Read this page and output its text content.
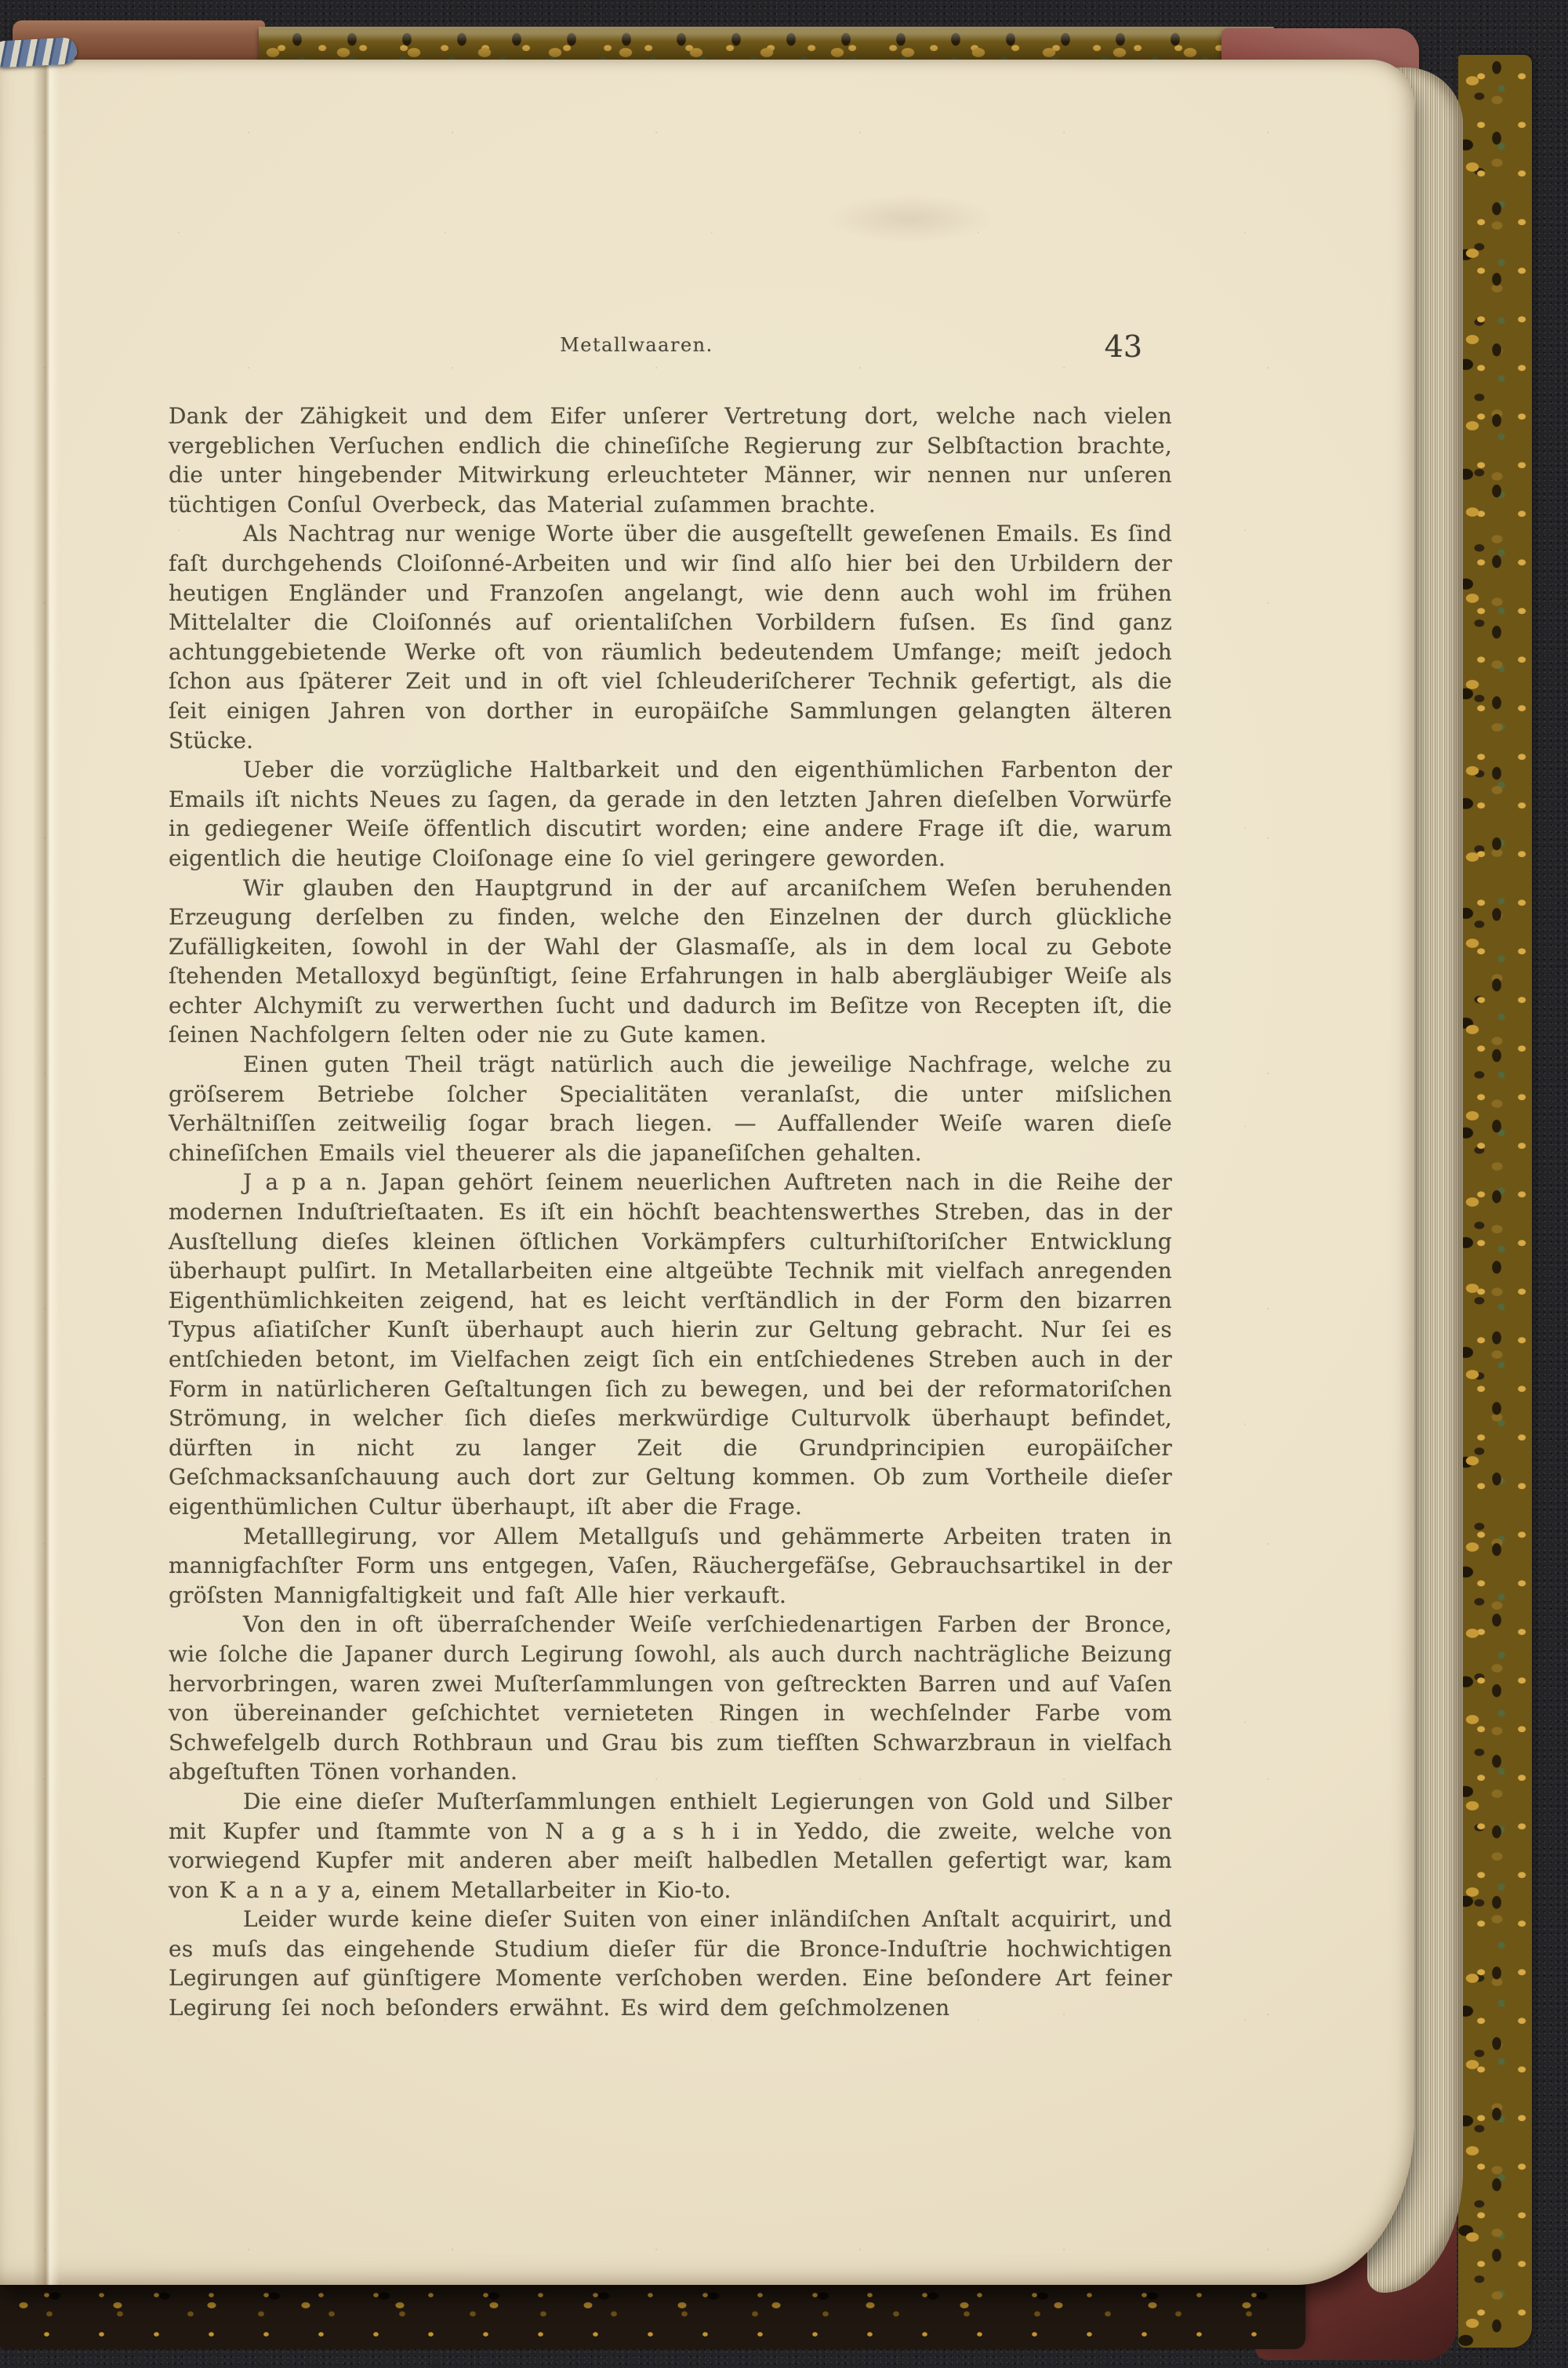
Metallwaaren.	43

Dank der Zähigkeit und dem Eifer unſerer Vertretung dort, welche nach vielen vergeblichen Verſuchen endlich die chineſiſche Regierung zur Selbſtaction brachte, die unter hingebender Mitwirkung erleuchteter Männer, wir nennen nur unſeren tüchtigen Conſul Overbeck, das Material zuſammen brachte.

Als Nachtrag nur wenige Worte über die ausgeſtellt geweſenen Emails. Es ſind faſt durchgehends Cloiſonné-Arbeiten und wir ſind alſo hier bei den Urbildern der heutigen Engländer und Franzoſen angelangt, wie denn auch wohl im frühen Mittelalter die Cloiſonnés auf orientaliſchen Vorbildern fuſsen. Es ſind ganz achtunggebietende Werke oft von räumlich bedeutendem Umfange; meiſt jedoch ſchon aus ſpäterer Zeit und in oft viel ſchleuderiſcherer Technik gefertigt, als die ſeit einigen Jahren von dorther in europäiſche Sammlungen gelangten älteren Stücke.

Ueber die vorzügliche Haltbarkeit und den eigenthümlichen Farbenton der Emails iſt nichts Neues zu ſagen, da gerade in den letzten Jahren dieſelben Vorwürfe in gediegener Weiſe öffentlich discutirt worden; eine andere Frage iſt die, warum eigentlich die heutige Cloiſonage eine ſo viel geringere geworden.

Wir glauben den Hauptgrund in der auf arcaniſchem Weſen beruhenden Erzeugung derſelben zu finden, welche den Einzelnen der durch glückliche Zufälligkeiten, ſowohl in der Wahl der Glasmaſſe, als in dem local zu Gebote ſtehenden Metalloxyd begünſtigt, ſeine Erfahrungen in halb abergläubiger Weiſe als echter Alchymiſt zu verwerthen ſucht und dadurch im Beſitze von Recepten iſt, die ſeinen Nachfolgern ſelten oder nie zu Gute kamen.

Einen guten Theil trägt natürlich auch die jeweilige Nachfrage, welche zu gröſserem Betriebe ſolcher Specialitäten veranlaſst, die unter miſslichen Verhältniſſen zeitweilig ſogar brach liegen. — Auffallender Weiſe waren dieſe chineſiſchen Emails viel theuerer als die japaneſiſchen gehalten.

J a p a n. Japan gehört ſeinem neuerlichen Auftreten nach in die Reihe der modernen Induſtrieſtaaten. Es iſt ein höchſt beachtenswerthes Streben, das in der Ausſtellung dieſes kleinen öſtlichen Vorkämpfers culturhiſtoriſcher Entwicklung überhaupt pulſirt. In Metallarbeiten eine altgeübte Technik mit vielfach anregenden Eigenthümlichkeiten zeigend, hat es leicht verſtändlich in der Form den bizarren Typus aſiatiſcher Kunſt überhaupt auch hierin zur Geltung gebracht. Nur ſei es entſchieden betont, im Vielfachen zeigt ſich ein entſchiedenes Streben auch in der Form in natürlicheren Geſtaltungen ſich zu bewegen, und bei der reformatoriſchen Strömung, in welcher ſich dieſes merkwürdige Culturvolk überhaupt befindet, dürften in nicht zu langer Zeit die Grundprincipien europäiſcher Geſchmacksanſchauung auch dort zur Geltung kommen. Ob zum Vortheile dieſer eigenthümlichen Cultur überhaupt, iſt aber die Frage.

Metalllegirung, vor Allem Metallguſs und gehämmerte Arbeiten traten in mannigfachſter Form uns entgegen, Vaſen, Räuchergefäſse, Gebrauchsartikel in der gröſsten Mannigfaltigkeit und faſt Alle hier verkauft.

Von den in oft überraſchender Weiſe verſchiedenartigen Farben der Bronce, wie ſolche die Japaner durch Legirung ſowohl, als auch durch nachträgliche Beizung hervorbringen, waren zwei Muſterſammlungen von geſtreckten Barren und auf Vaſen von übereinander geſchichtet vernieteten Ringen in wechſelnder Farbe vom Schwefelgelb durch Rothbraun und Grau bis zum tiefſten Schwarzbraun in vielfach abgeſtuften Tönen vorhanden.

Die eine dieſer Muſterſammlungen enthielt Legierungen von Gold und Silber mit Kupfer und ſtammte von N a g a s h i in Yeddo, die zweite, welche von vorwiegend Kupfer mit anderen aber meiſt halbedlen Metallen gefertigt war, kam von K a n a y a, einem Metallarbeiter in Kio-to.

Leider wurde keine dieſer Suiten von einer inländiſchen Anſtalt acquirirt, und es muſs das eingehende Studium dieſer für die Bronce-Induſtrie hochwichtigen Legirungen auf günſtigere Momente verſchoben werden. Eine beſondere Art feiner Legirung ſei noch beſonders erwähnt. Es wird dem geſchmolzenen
